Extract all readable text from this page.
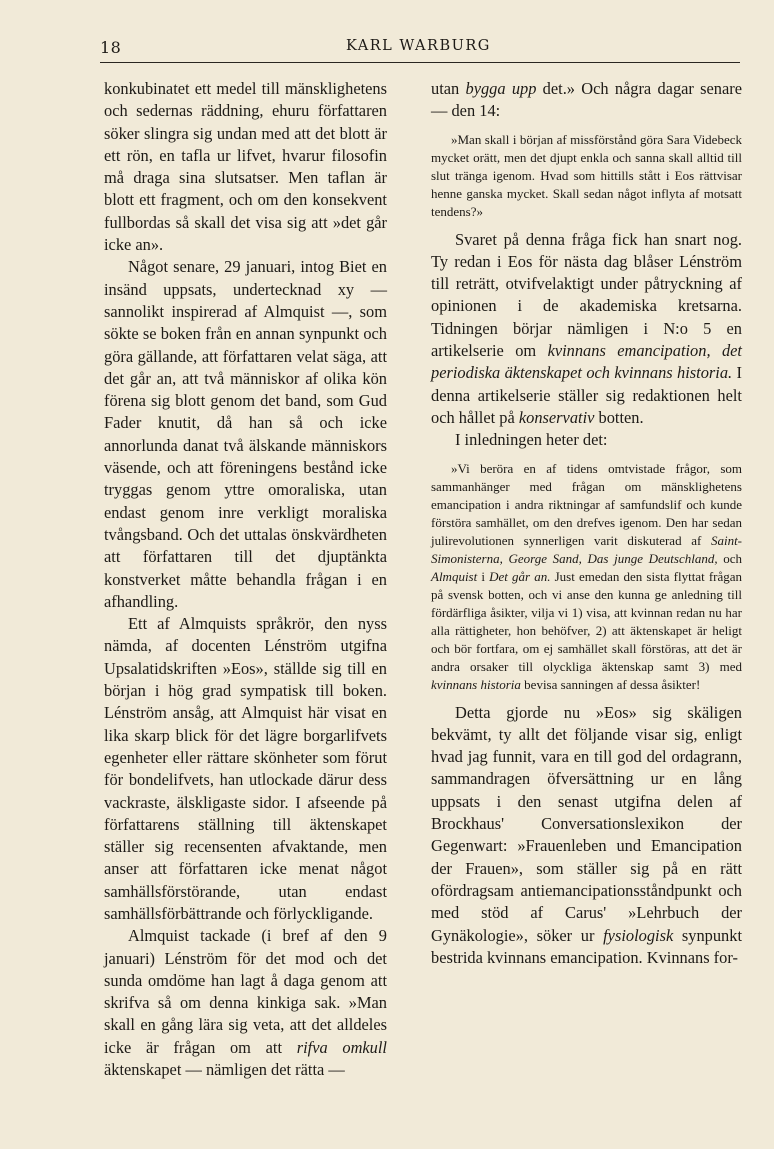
18	KARL WARBURG

konkubinatet ett medel till mänsklighetens och sedernas räddning, ehuru författaren söker slingra sig undan med att det blott är ett rön, en tafla ur lifvet, hvarur filosofin må draga sina slutsatser. Men taflan är blott ett fragment, och om den konsekvent fullbordas så skall det visa sig att »det går icke an».

Något senare, 29 januari, intog Biet en insänd uppsats, undertecknad xy — sannolikt inspirerad af Almquist —, som sökte se boken från en annan synpunkt och göra gällande, att författaren velat säga, att det går an, att två människor af olika kön förena sig blott genom det band, som Gud Fader knutit, då han så och icke annorlunda danat två älskande människors väsende, och att föreningens bestånd icke tryggas genom yttre omoraliska, utan endast genom inre verkligt moraliska tvångsband. Och det uttalas önskvärdheten att författaren till det djuptänkta konstverket måtte behandla frågan i en afhandling.

Ett af Almquists språkrör, den nyss nämda, af docenten Lénström utgifna Upsalatidskriften »Eos», ställde sig till en början i hög grad sympatisk till boken. Lénström ansåg, att Almquist här visat en lika skarp blick för det lägre borgarlifvets egenheter eller rättare skönheter som förut för bondelifvets, han utlockade därur dess vackraste, älskligaste sidor. I afseende på författarens ställning till äktenskapet ställer sig recensenten afvaktande, men anser att författaren icke menat något samhällsförstörande, utan endast samhällsförbättrande och förlyckligande.

Almquist tackade (i bref af den 9 januari) Lénström för det mod och det sunda omdöme han lagt å daga genom att skrifva så om denna kinkiga sak. »Man skall en gång lära sig veta, att det alldeles icke är frågan om att rifva omkull äktenskapet — nämligen det rätta —

utan bygga upp det.» Och några dagar senare — den 14:

»Man skall i början af missförstånd göra Sara Videbeck mycket orätt, men det djupt enkla och sanna skall alltid till slut tränga igenom. Hvad som hittills stått i Eos rättvisar henne ganska mycket. Skall sedan något inflyta af motsatt tendens?»

Svaret på denna fråga fick han snart nog. Ty redan i Eos för nästa dag blåser Lénström till reträtt, otvifvelaktigt under påtryckning af opinionen i de akademiska kretsarna. Tidningen börjar nämligen i N:o 5 en artikelserie om kvinnans emancipation, det periodiska äktenskapet och kvinnans historia. I denna artikelserie ställer sig redaktionen helt och hållet på konservativ botten.

I inledningen heter det:

»Vi beröra en af tidens omtvistade frågor, som sammanhänger med frågan om mänsklighetens emancipation i andra riktningar af samfundslif och kunde förstöra samhället, om den drefves igenom. Den har sedan julirevolutionen synnerligen varit diskuterad af Saint-Simonisterna, George Sand, Das junge Deutschland, och Almquist i Det går an. Just emedan den sista flyttat frågan på svensk botten, och vi anse den kunna ge anledning till fördärfliga åsikter, vilja vi 1) visa, att kvinnan redan nu har alla rättigheter, hon behöfver, 2) att äktenskapet är heligt och bör fortfara, om ej samhället skall förstöras, att det är andra orsaker till olyckliga äktenskap samt 3) med kvinnans historia bevisa sanningen af dessa åsikter!

Detta gjorde nu »Eos» sig skäligen bekvämt, ty allt det följande visar sig, enligt hvad jag funnit, vara en till god del ordagrann, sammandragen öfversättning ur en lång uppsats i den senast utgifna delen af Brockhaus' Conversationslexikon der Gegenwart: »Frauenleben und Emancipation der Frauen», som ställer sig på en rätt ofördragsam antiemancipationsståndpunkt och med stöd af Carus' »Lehrbuch der Gynäkologie», söker ur fysiologisk synpunkt bestrida kvinnans emancipation. Kvinnans for-
